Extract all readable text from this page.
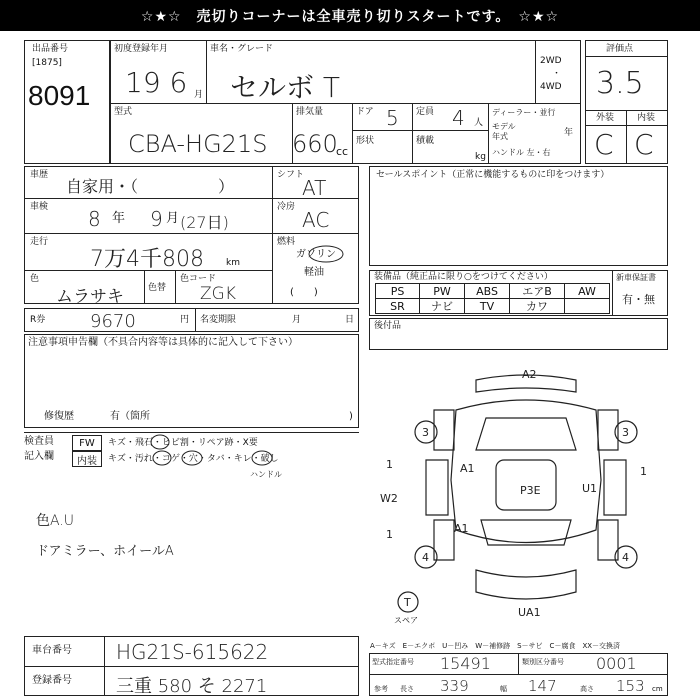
☆★☆　売切りコーナーは全車売り切りスタートです。　☆★☆
出品番号
[1875]
8091
初度登録年月
19 6 月
車名・グレード
セルボ T
2WD
・
4WD
型式
CBA-HG21S
排気量
660
cc
ドア 5
形状
定員 4 人
積載
kg
ディーラー・並行
モデル
年式	年
ハンドル 左・右
評価点
3.5
外装	内装
C C
車歴
自家用・（　　　　　）
車検 8 年 9 月 (27日)
走行
7万4千808 km
色
ムラサキ	色替
色コード
ZGK
シフト
AT
冷房
AC
燃料
ガソリン
軽油
(　　)
セールスポイント（正常に機能するものに印をつけます）
装備品（純正品に限り○をつけてください）	新車保証書
有・無
PS	PW	ABS	エアB	AW
SR	ナビ	TV	カワ
R券 9670	円 名変期限	月	日
後付品
注意事項申告欄（不具合内容等は具体的に記入して下さい）
修復歴	有（箇所	)
検査員
記入欄
FW
内装
キズ・飛石・ヒビ割・リペア跡・X要
キズ・汚れ・コゲ・穴・タバ・キレ・破し
ハンドル
色A.U
ドアミラー、ホイールA
A2
1
W2
1
1
A1
P3E	U1
A1
UA1
3	3
4	4
T
スペア
車台番号 HG21S-615622
登録番号 三重 580 そ 2271
A－キズ　E－エクボ　U－凹み　W－補修跡　S－サビ　C－腐食　XX－交換済
型式指定番号 15491	類別区分番号 0001
参考 長さ 339	幅 147	高さ 153 cm
